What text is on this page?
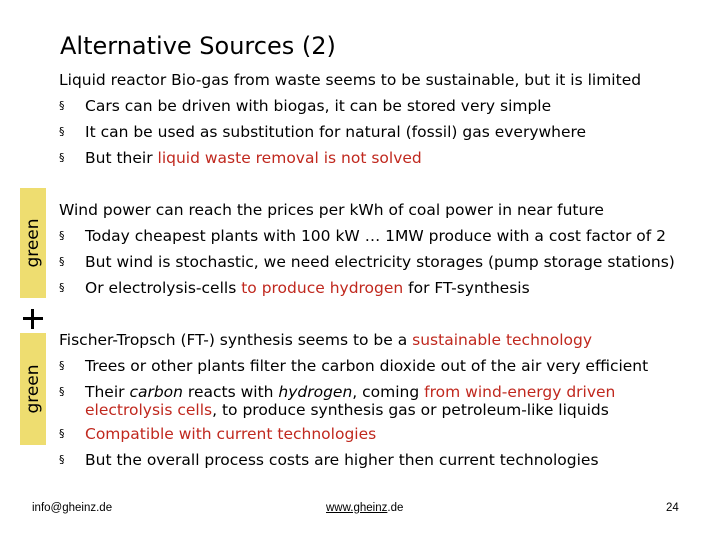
green
green
Alternative Sources (2)
Liquid reactor Bio-gas from waste seems to be sustainable, but it is limited
§ Cars can be driven with biogas, it can be stored very simple
§ It can be used as substitution for natural (fossil) gas everywhere
§ But their liquid waste removal is not solved
Wind power can reach the prices per kWh of coal power in near future
§ Today cheapest plants with 100 kW … 1MW produce with a cost factor of 2
§ But wind is stochastic, we need electricity storages (pump storage stations)
§ Or electrolysis-cells to produce hydrogen for FT-synthesis
Fischer-Tropsch (FT-) synthesis seems to be a sustainable technology
§ Trees or other plants filter the carbon dioxide out of the air very efficient
§ Their carbon reacts with hydrogen, coming from wind-energy driven
electrolysis cells, to produce synthesis gas or petroleum-like liquids
§ Compatible with current technologies
§ But the overall process costs are higher then current technologies
info@gheinz.de	www.gheinz.de	24
